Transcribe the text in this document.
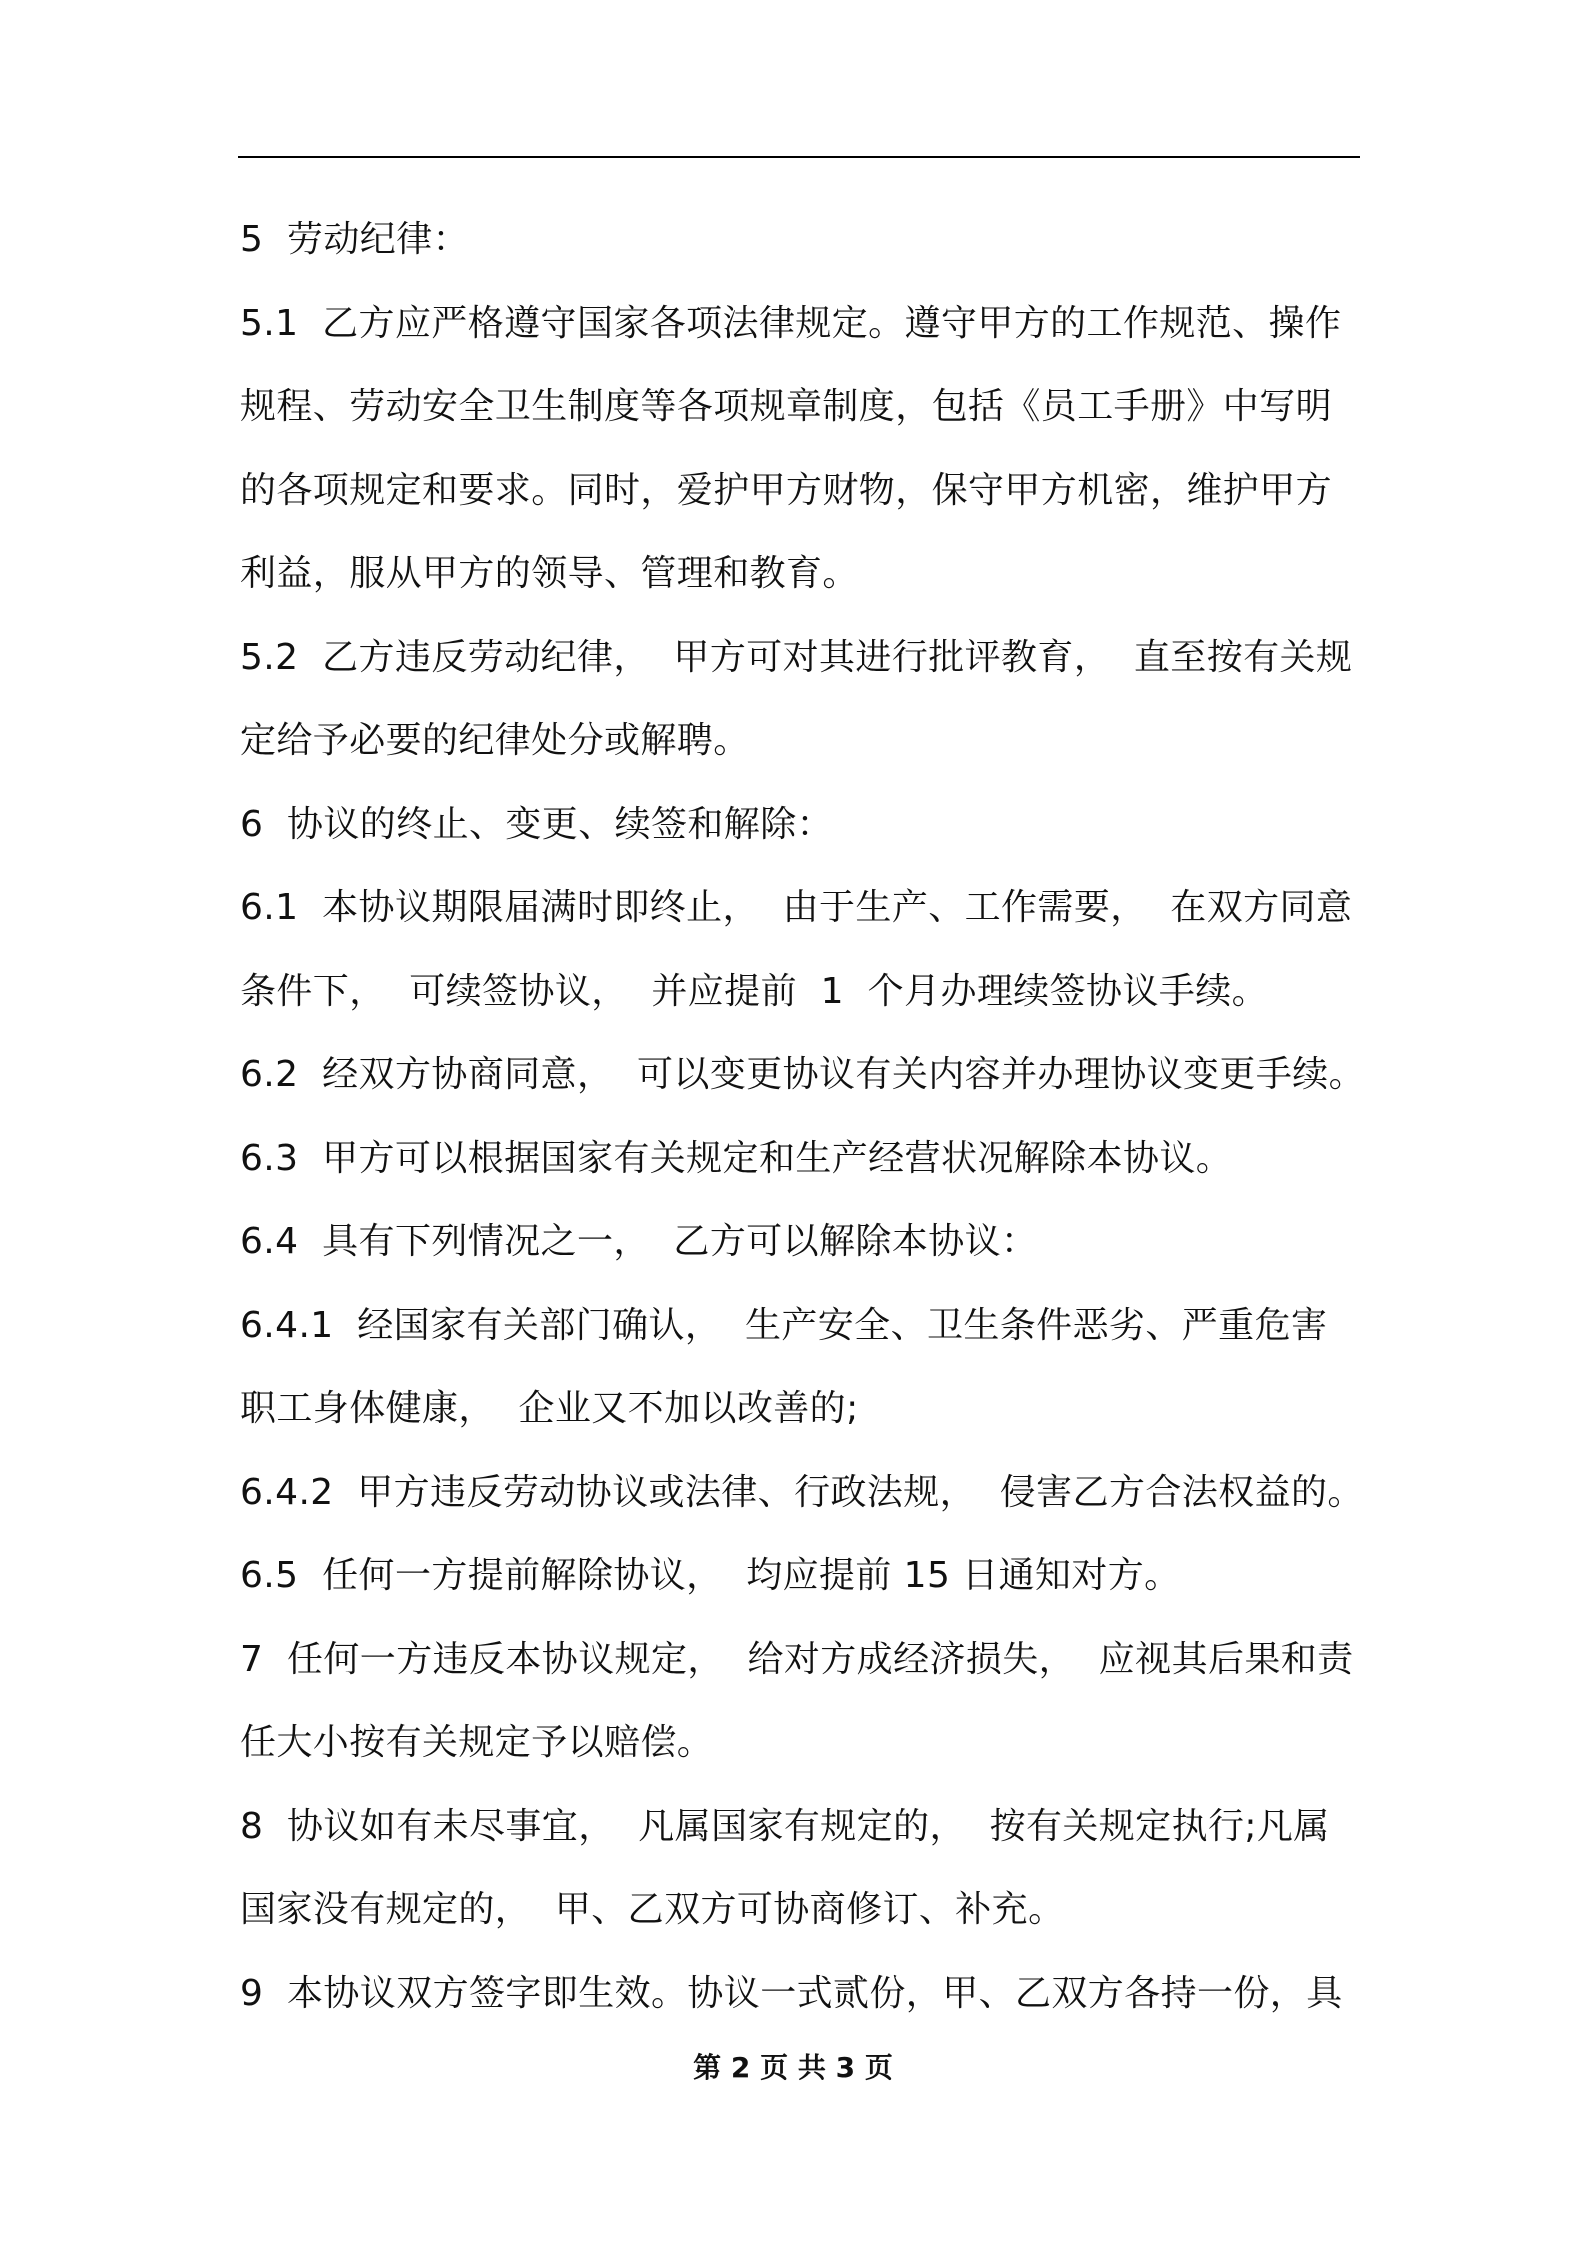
5  劳动纪律：
5.1  乙方应严格遵守国家各项法律规定。遵守甲方的工作规范、操作
规程、劳动安全卫生制度等各项规章制度，包括《员工手册》中写明
的各项规定和要求。同时，爱护甲方财物，保守甲方机密，维护甲方
利益，服从甲方的领导、管理和教育。
5.2  乙方违反劳动纪律，  甲方可对其进行批评教育，  直至按有关规
定给予必要的纪律处分或解聘。
6  协议的终止、变更、续签和解除：
6.1  本协议期限届满时即终止，  由于生产、工作需要，  在双方同意
条件下，  可续签协议，  并应提前  1  个月办理续签协议手续。
6.2  经双方协商同意，  可以变更协议有关内容并办理协议变更手续。
6.3  甲方可以根据国家有关规定和生产经营状况解除本协议。
6.4  具有下列情况之一，  乙方可以解除本协议：
6.4.1  经国家有关部门确认，  生产安全、卫生条件恶劣、严重危害
职工身体健康，  企业又不加以改善的;
6.4.2  甲方违反劳动协议或法律、行政法规，  侵害乙方合法权益的。
6.5  任何一方提前解除协议，  均应提前 15 日通知对方。
7  任何一方违反本协议规定，  给对方成经济损失，  应视其后果和责
任大小按有关规定予以赔偿。
8  协议如有未尽事宜，  凡属国家有规定的，  按有关规定执行;凡属
国家没有规定的，  甲、乙双方可协商修订、补充。
9  本协议双方签字即生效。协议一式贰份，甲、乙双方各持一份，具
第 2 页 共 3 页
